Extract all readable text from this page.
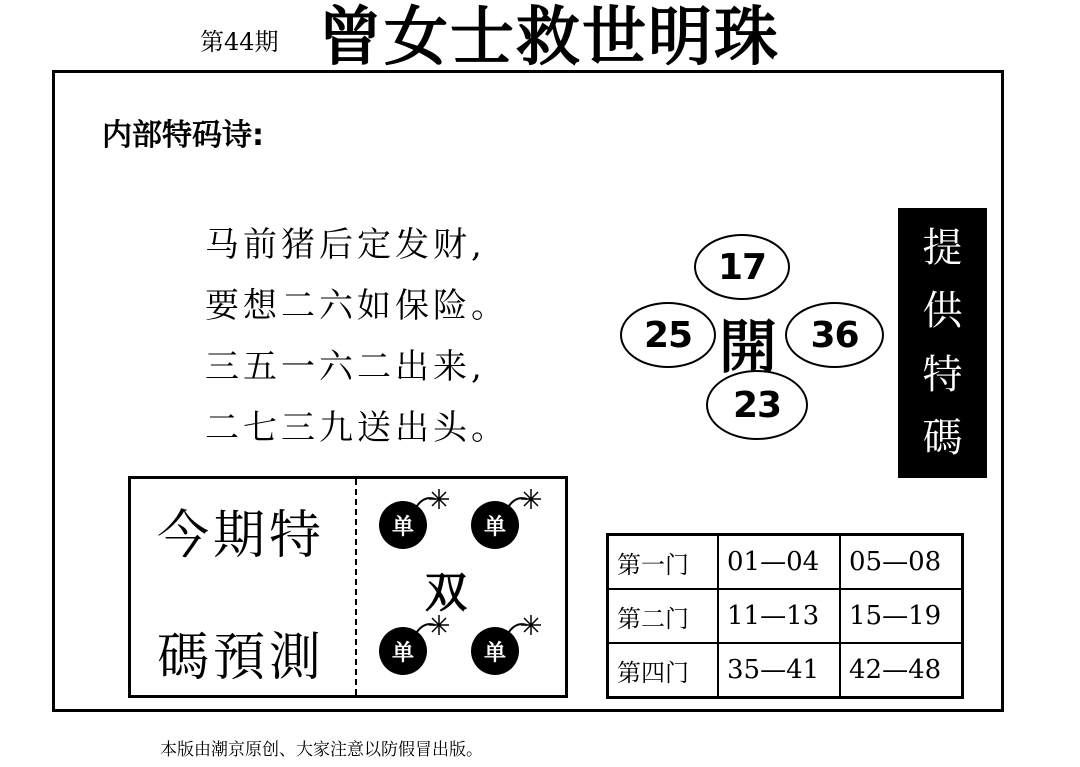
第44期 曾女士救世明珠
内部特码诗:
马前猪后定发财,
要想二六如保险。
三五一六二出来,
二七三九送出头。
17
25	36
23
開
提
供
特
碼
今期特
碼預測
单	单
单	单
双
第一门	01—04	05—08
第二门	11—13	15—19
第四门	35—41	42—48
本版由潮京原创、大家注意以防假冒出版。
